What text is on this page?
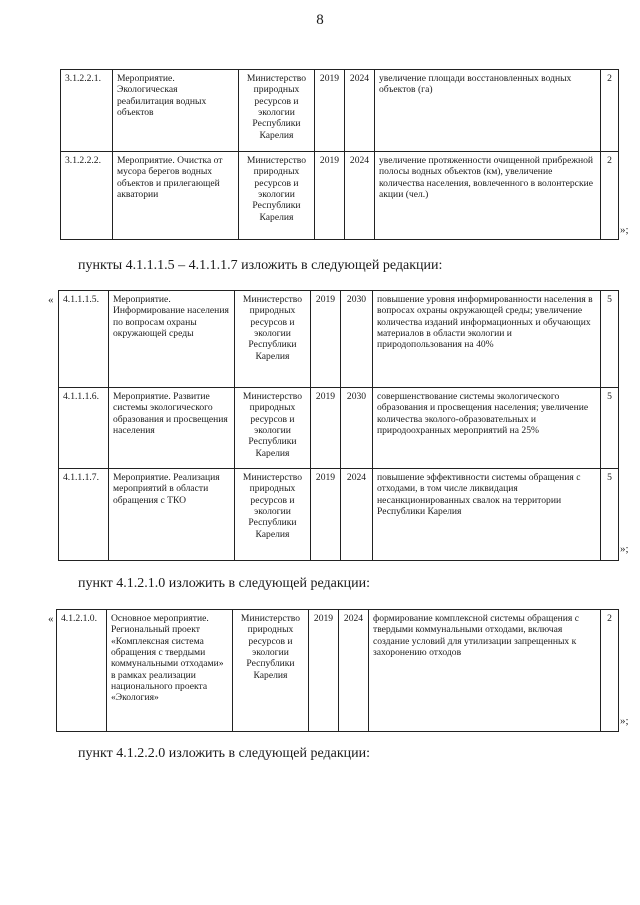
8
3.1.2.2.1.	Мероприятие. Экологическая реабилитация водных объектов	Министерство природных ресурсов и экологии Республики Карелия	2019	2024	увеличение площади восстановленных водных объектов (га)	2
3.1.2.2.2.	Мероприятие. Очистка от мусора берегов водных объектов и прилегающей акватории	Министерство природных ресурсов и экологии Республики Карелия	2019	2024	увеличение протяженности очищенной прибрежной полосы водных объектов (км), увеличение количества населения, вовлеченного в волонтерские акции (чел.)	2
»;
пункты 4.1.1.1.5 – 4.1.1.1.7 изложить в следующей редакции:
« 4.1.1.1.5.	Мероприятие. Информирование населения по вопросам охраны окружающей среды	Министерство природных ресурсов и экологии Республики Карелия	2019	2030	повышение уровня информированности населения в вопросах охраны окружающей среды; увеличение количества изданий информационных и обучающих материалов в области экологии и природопользования на 40%	5
4.1.1.1.6.	Мероприятие. Развитие системы экологического образования и просвещения населения	Министерство природных ресурсов и экологии Республики Карелия	2019	2030	совершенствование системы экологического образования и просвещения населения; увеличение количества эколого-образовательных и природоохранных мероприятий на 25%	5
4.1.1.1.7.	Мероприятие. Реализация мероприятий в области обращения с ТКО	Министерство природных ресурсов и экологии Республики Карелия	2019	2024	повышение эффективности системы обращения с отходами, в том числе ликвидация несанкционированных свалок на территории Республики Карелия	5
»;
пункт 4.1.2.1.0 изложить в следующей редакции:
« 4.1.2.1.0.	Основное мероприятие. Региональный проект «Комплексная система обращения с твердыми коммунальными отходами» в рамках реализации национального проекта «Экология»	Министерство природных ресурсов и экологии Республики Карелия	2019	2024	формирование комплексной системы обращения с твердыми коммунальными отходами, включая создание условий для утилизации запрещенных к захоронению отходов	2
»;
пункт 4.1.2.2.0 изложить в следующей редакции:
